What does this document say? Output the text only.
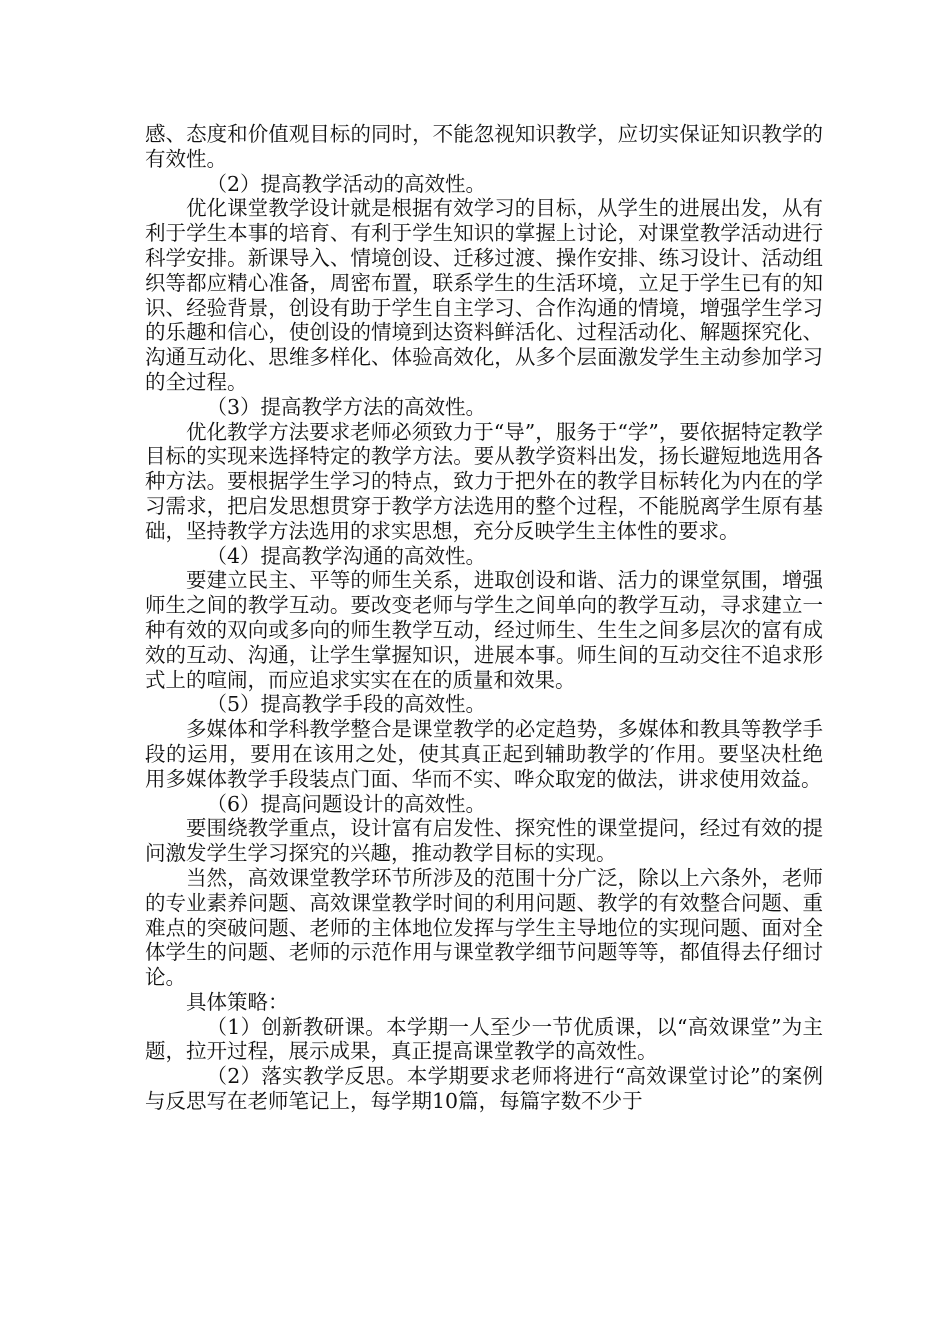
感、态度和价值观目标的同时，不能忽视知识教学，应切实保证知识教学的有效性。

（2）提高教学活动的高效性。

优化课堂教学设计就是根据有效学习的目标，从学生的进展出发，从有利于学生本事的培育、有利于学生知识的掌握上讨论，对课堂教学活动进行科学安排。新课导入、情境创设、迁移过渡、操作安排、练习设计、活动组织等都应精心准备，周密布置，联系学生的生活环境，立足于学生已有的知识、经验背景，创设有助于学生自主学习、合作沟通的情境，增强学生学习的乐趣和信心，使创设的情境到达资料鲜活化、过程活动化、解题探究化、沟通互动化、思维多样化、体验高效化，从多个层面激发学生主动参加学习的全过程。

（3）提高教学方法的高效性。

优化教学方法要求老师必须致力于“导”，服务于“学”，要依据特定教学目标的实现来选择特定的教学方法。要从教学资料出发，扬长避短地选用各种方法。要根据学生学习的特点，致力于把外在的教学目标转化为内在的学习需求，把启发思想贯穿于教学方法选用的整个过程，不能脱离学生原有基础，坚持教学方法选用的求实思想，充分反映学生主体性的要求。

（4）提高教学沟通的高效性。

要建立民主、平等的师生关系，进取创设和谐、活力的课堂氛围，增强师生之间的教学互动。要改变老师与学生之间单向的教学互动，寻求建立一种有效的双向或多向的师生教学互动，经过师生、生生之间多层次的富有成效的互动、沟通，让学生掌握知识，进展本事。师生间的互动交往不追求形式上的喧闹，而应追求实实在在的质量和效果。

（5）提高教学手段的高效性。

多媒体和学科教学整合是课堂教学的必定趋势，多媒体和教具等教学手段的运用，要用在该用之处，使其真正起到辅助教学的′作用。要坚决杜绝用多媒体教学手段装点门面、华而不实、哗众取宠的做法，讲求使用效益。

（6）提高问题设计的高效性。

要围绕教学重点，设计富有启发性、探究性的课堂提问，经过有效的提问激发学生学习探究的兴趣，推动教学目标的实现。

当然，高效课堂教学环节所涉及的范围十分广泛，除以上六条外，老师的专业素养问题、高效课堂教学时间的利用问题、教学的有效整合问题、重难点的突破问题、老师的主体地位发挥与学生主导地位的实现问题、面对全体学生的问题、老师的示范作用与课堂教学细节问题等等，都值得去仔细讨论。

具体策略：

（1）创新教研课。本学期一人至少一节优质课，以“高效课堂”为主题，拉开过程，展示成果，真正提高课堂教学的高效性。

（2）落实教学反思。本学期要求老师将进行“高效课堂讨论”的案例与反思写在老师笔记上，每学期10篇，每篇字数不少于
